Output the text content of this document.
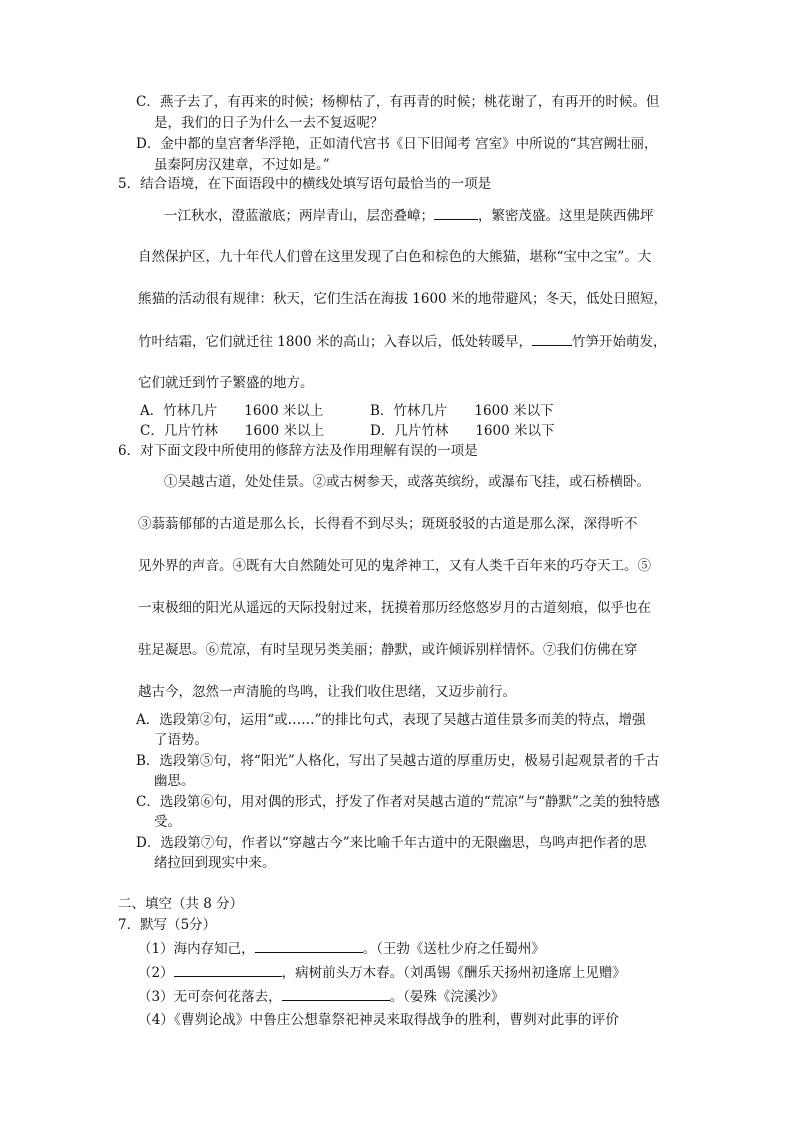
C．燕子去了，有再来的时候；杨柳枯了，有再青的时候；桃花谢了，有再开的时候。但
是，我们的日子为什么一去不复返呢？
D．金中都的皇宫奢华浮艳，正如清代宫书《日下旧闻考 宫室》中所说的“其宫阙壮丽，
虽秦阿房汉建章，不过如是。”
5．结合语境，在下面语段中的横线处填写语句最恰当的一项是
一江秋水，澄蓝澈底；两岸青山，层峦叠嶂；	，繁密茂盛。这里是陕西佛坪
自然保护区，九十年代人们曾在这里发现了白色和棕色的大熊猫，堪称“宝中之宝”。大
熊猫的活动很有规律：秋天，它们生活在海拔 1600 米的地带避风；冬天，低处日照短，
竹叶结霜，它们就迁往 1800 米的高山；入春以后，低处转暖早，	竹笋开始萌发，
它们就迁到竹子繁盛的地方。
A．竹林几片　　1600 米以上	B．竹林几片　　1600 米以下
C．几片竹林　　1600 米以上	D．几片竹林　　1600 米以下
6．对下面文段中所使用的修辞方法及作用理解有误的一项是
①吴越古道，处处佳景。②或古树参天，或落英缤纷，或瀑布飞挂，或石桥横卧。
③蓊蓊郁郁的古道是那么长，长得看不到尽头；斑斑驳驳的古道是那么深，深得听不
见外界的声音。④既有大自然随处可见的鬼斧神工，又有人类千百年来的巧夺天工。⑤
一束极细的阳光从遥远的天际投射过来，抚摸着那历经悠悠岁月的古道刻痕，似乎也在
驻足凝思。⑥荒凉，有时呈现另类美丽；静默，或许倾诉别样情怀。⑦我们仿佛在穿
越古今，忽然一声清脆的鸟鸣，让我们收住思绪，又迈步前行。
A．选段第②句，运用“或……”的排比句式，表现了吴越古道佳景多而美的特点，增强
了语势。
B．选段第⑤句，将“阳光”人格化，写出了吴越古道的厚重历史，极易引起观景者的千古
幽思。
C．选段第⑥句，用对偶的形式，抒发了作者对吴越古道的“荒凉”与“静默”之美的独特感
受。
D．选段第⑦句，作者以“穿越古今”来比喻千年古道中的无限幽思，鸟鸣声把作者的思
绪拉回到现实中来。
二、填空（共 8 分）
7．默写（5分）
（1）海内存知己，	。（王勃《送杜少府之任蜀州》
（2）	，病树前头万木春。（刘禹锡《酬乐天扬州初逢席上见赠》
（3）无可奈何花落去，	。（晏殊《浣溪沙》
（4）《曹刿论战》中鲁庄公想靠祭祀神灵来取得战争的胜利，曹刿对此事的评价
